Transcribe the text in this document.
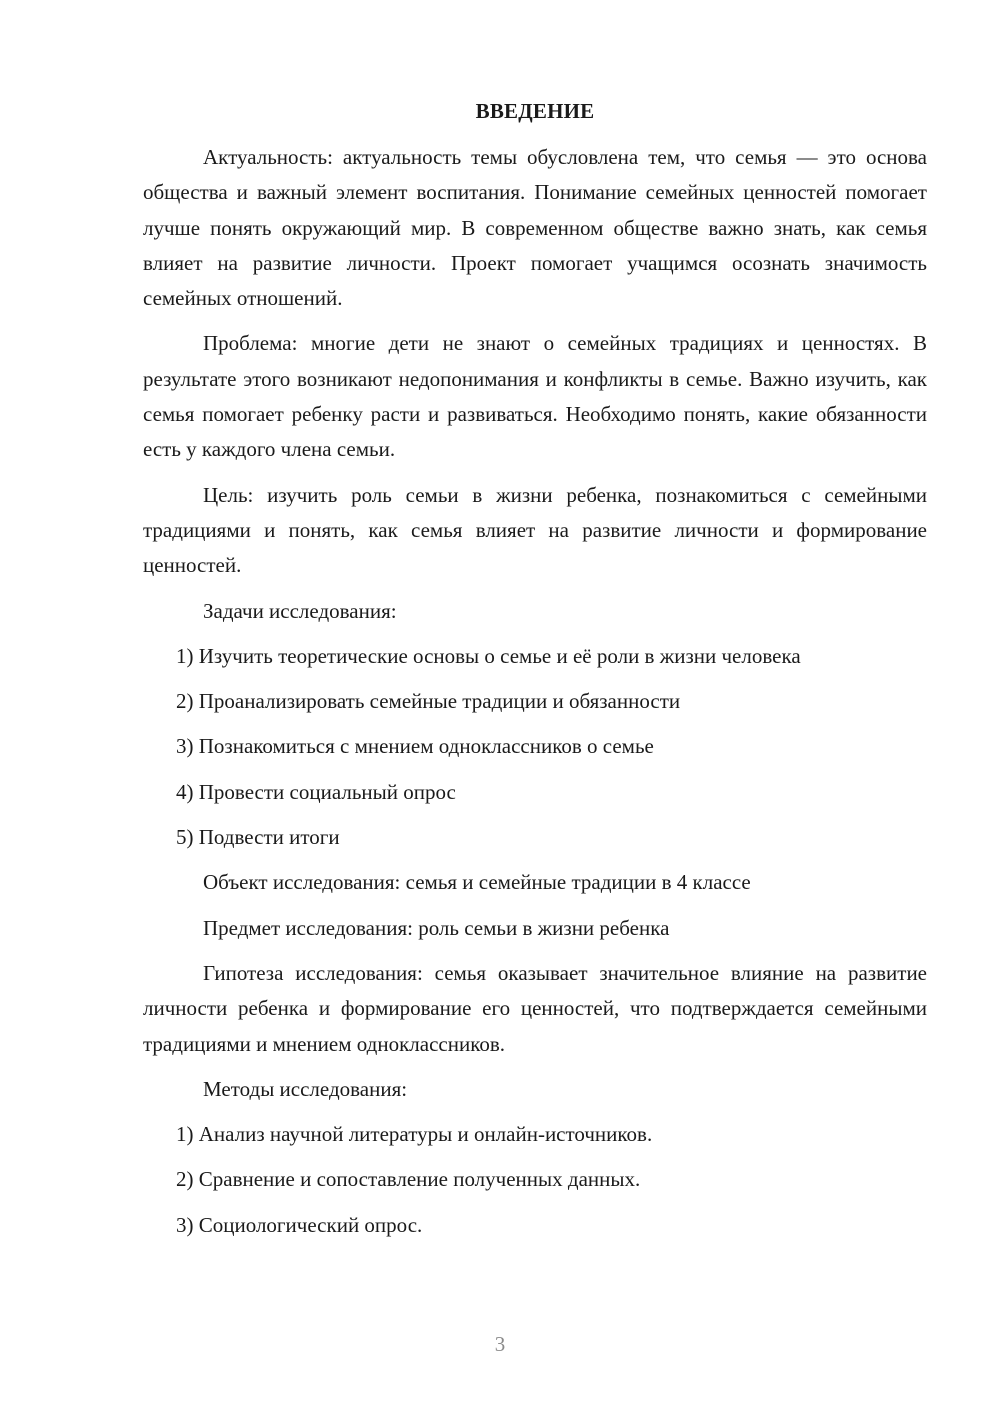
ВВЕДЕНИЕ

Актуальность: актуальность темы обусловлена тем, что семья — это основа общества и важный элемент воспитания. Понимание семейных ценностей помогает лучше понять окружающий мир. В современном обществе важно знать, как семья влияет на развитие личности. Проект помогает учащимся осознать значимость семейных отношений.

Проблема: многие дети не знают о семейных традициях и ценностях. В результате этого возникают недопонимания и конфликты в семье. Важно изучить, как семья помогает ребенку расти и развиваться. Необходимо понять, какие обязанности есть у каждого члена семьи.

Цель: изучить роль семьи в жизни ребенка, познакомиться с семейными традициями и понять, как семья влияет на развитие личности и формирование ценностей.

Задачи исследования:
1) Изучить теоретические основы о семье и её роли в жизни человека
2) Проанализировать семейные традиции и обязанности
3) Познакомиться с мнением одноклассников о семье
4) Провести социальный опрос
5) Подвести итоги
Объект исследования: семья и семейные традиции в 4 классе
Предмет исследования: роль семьи в жизни ребенка

Гипотеза исследования: семья оказывает значительное влияние на развитие личности ребенка и формирование его ценностей, что подтверждается семейными традициями и мнением одноклассников.

Методы исследования:
1) Анализ научной литературы и онлайн-источников.
2) Сравнение и сопоставление полученных данных.
3) Социологический опрос.
3
